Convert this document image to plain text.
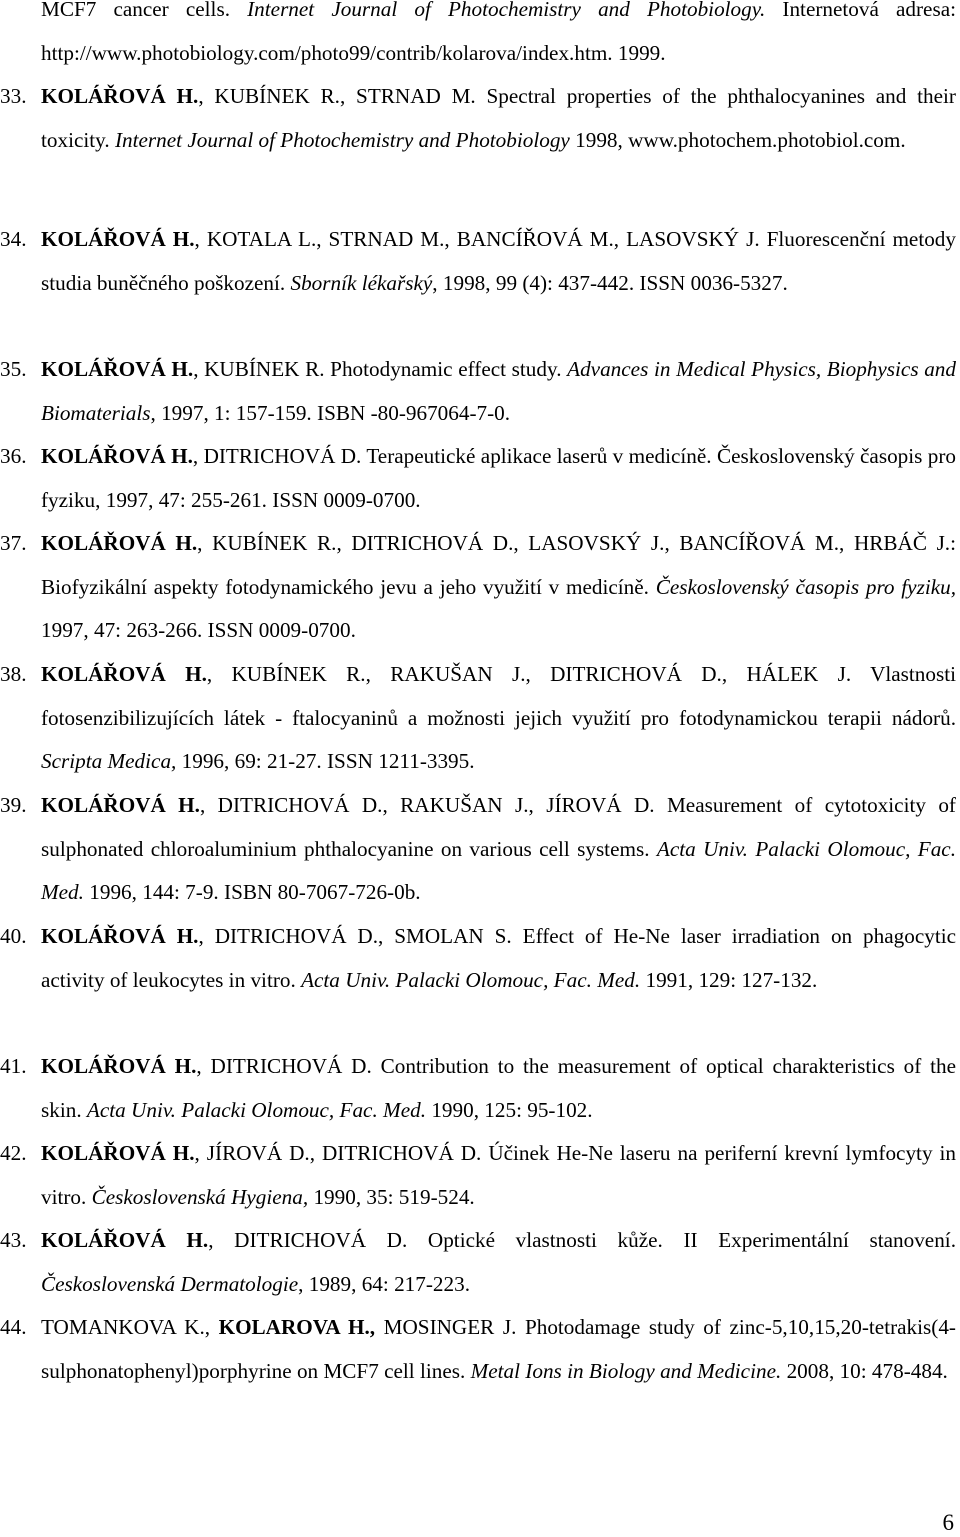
MCF7 cancer cells. Internet Journal of Photochemistry and Photobiology. Internetová adresa: http://www.photobiology.com/photo99/contrib/kolarova/index.htm. 1999.
33. KOLÁŘOVÁ H., KUBÍNEK R., STRNAD M. Spectral properties of the phthalocyanines and their toxicity. Internet Journal of Photochemistry and Photobiology 1998, www.photochem.photobiol.com.
34. KOLÁŘOVÁ H., KOTALA L., STRNAD M., BANCÍŘOVÁ M., LASOVSKÝ J. Fluorescenční metody studia buněčného poškození. Sborník lékařský, 1998, 99 (4): 437-442. ISSN 0036-5327.
35. KOLÁŘOVÁ H., KUBÍNEK R. Photodynamic effect study. Advances in Medical Physics, Biophysics and Biomaterials, 1997, 1: 157-159. ISBN -80-967064-7-0.
36. KOLÁŘOVÁ H., DITRICHOVÁ D. Terapeutické aplikace laserů v medicíně. Československý časopis pro fyziku, 1997, 47: 255-261. ISSN 0009-0700.
37. KOLÁŘOVÁ H., KUBÍNEK R., DITRICHOVÁ D., LASOVSKÝ J., BANCÍŘOVÁ M., HRBÁČ J.: Biofyzikální aspekty fotodynamického jevu a jeho využití v medicíně. Československý časopis pro fyziku, 1997, 47: 263-266. ISSN 0009-0700.
38. KOLÁŘOVÁ H., KUBÍNEK R., RAKUŠAN J., DITRICHOVÁ D., HÁLEK J. Vlastnosti fotosenzibilizujících látek - ftalocyaninů a možnosti jejich využití pro fotodynamickou terapii nádorů. Scripta Medica, 1996, 69: 21-27. ISSN 1211-3395.
39. KOLÁŘOVÁ H., DITRICHOVÁ D., RAKUŠAN J., JÍROVÁ D. Measurement of cytotoxicity of sulphonated chloroaluminium phthalocyanine on various cell systems. Acta Univ. Palacki Olomouc, Fac. Med. 1996, 144: 7-9. ISBN 80-7067-726-0b.
40. KOLÁŘOVÁ H., DITRICHOVÁ D., SMOLAN S. Effect of He-Ne laser irradiation on phagocytic activity of leukocytes in vitro. Acta Univ. Palacki Olomouc, Fac. Med. 1991, 129: 127-132.
41. KOLÁŘOVÁ H., DITRICHOVÁ D. Contribution to the measurement of optical charakteristics of the skin. Acta Univ. Palacki Olomouc, Fac. Med. 1990, 125: 95-102.
42. KOLÁŘOVÁ H., JÍROVÁ D., DITRICHOVÁ D. Účinek He-Ne laseru na periferní krevní lymfocyty in vitro. Československá Hygiena, 1990, 35: 519-524.
43. KOLÁŘOVÁ H., DITRICHOVÁ D. Optické vlastnosti kůže. II Experimentální stanovení. Československá Dermatologie, 1989, 64: 217-223.
44. TOMANKOVA K., KOLAROVA H., MOSINGER J. Photodamage study of zinc-5,10,15,20-tetrakis(4-sulphonatophenyl)porphyrine on MCF7 cell lines. Metal Ions in Biology and Medicine. 2008, 10: 478-484.
6
